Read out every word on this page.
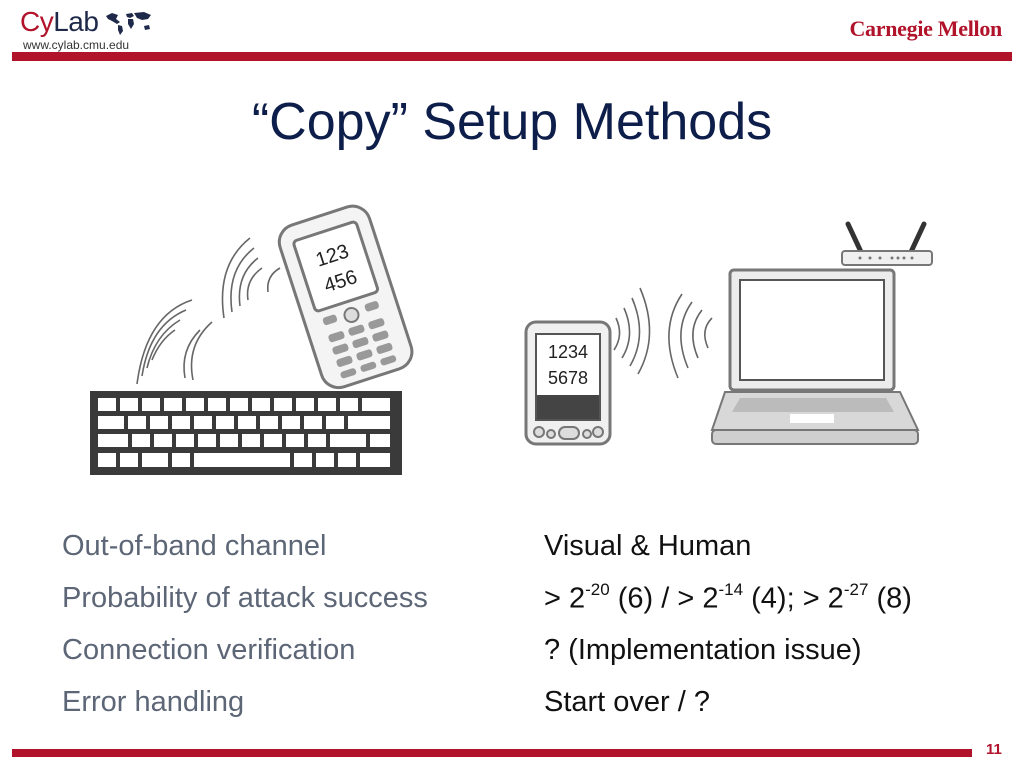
CyLab
www.cylab.cmu.edu
Carnegie Mellon
“Copy” Setup Methods
123
456
1234
5678
Out-of-band channel	Visual & Human
Probability of attack success	> $2^{-20}$ (6) / > $2^{-14}$ (4); > $2^{-27}$ (8)
Connection verification	? (Implementation issue)
Error handling	Start over / ?
11
